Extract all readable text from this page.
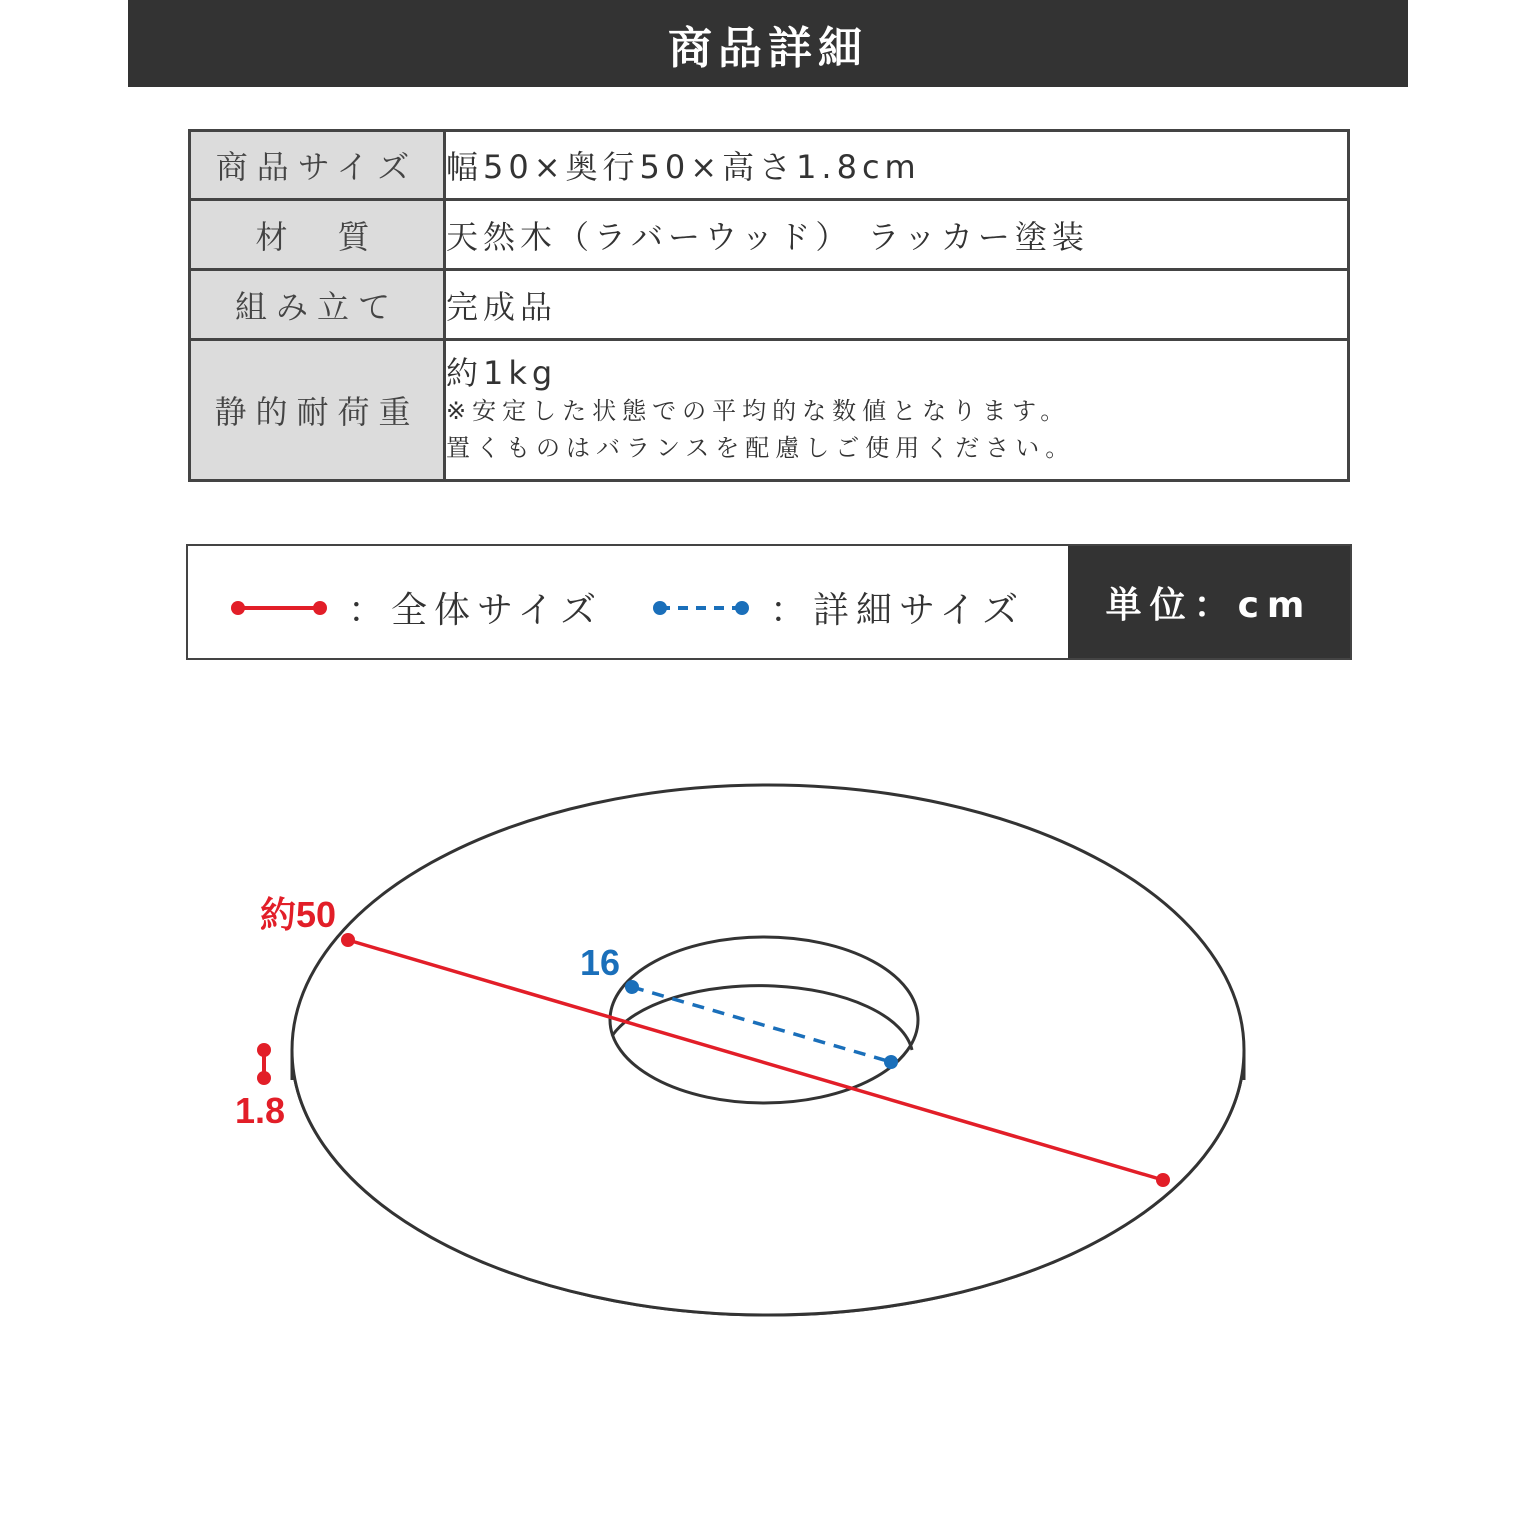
商品詳細
商品サイズ	幅50×奥行50×高さ1.8cm
材　質	天然木（ラバーウッド） ラッカー塗装
組み立て	完成品
静的耐荷重	約1kg
※安定した状態での平均的な数値となります。
置くものはバランスを配慮しご使用ください。
：全体サイズ	：詳細サイズ 単位：cm
約50
16
1.8
